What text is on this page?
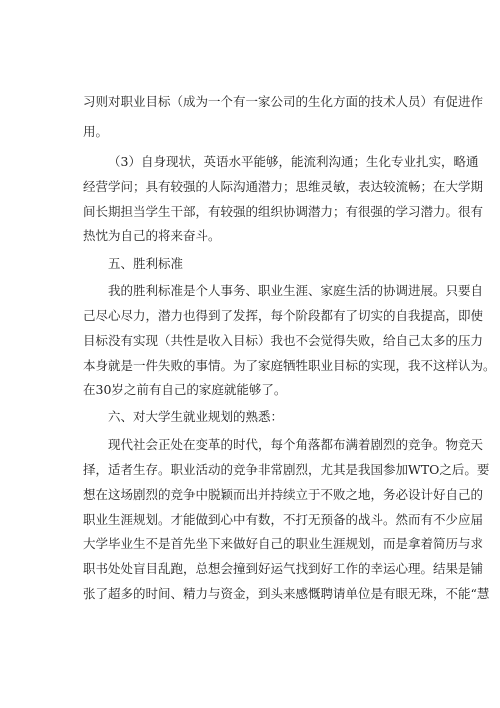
习则对职业目标（成为一个有一家公司的生化方面的技术人员）有促进作
用。
（3）自身现状，英语水平能够，能流利沟通；生化专业扎实，略通
经营学问；具有较强的人际沟通潜力；思维灵敏，表达较流畅；在大学期
间长期担当学生干部，有较强的组织协调潜力；有很强的学习潜力。很有
热忱为自己的将来奋斗。
五、胜利标准
我的胜利标准是个人事务、职业生涯、家庭生活的协调进展。只要自
己尽心尽力，潜力也得到了发挥，每个阶段都有了切实的自我提高，即使
目标没有实现（共性是收入目标）我也不会觉得失败，给自己太多的压力
本身就是一件失败的事情。为了家庭牺牲职业目标的实现，我不这样认为。
在30岁之前有自己的家庭就能够了。
六、对大学生就业规划的熟悉：
现代社会正处在变革的时代，每个角落都布满着剧烈的竞争。物竞天
择，适者生存。职业活动的竞争非常剧烈，尤其是我国参加WTO之后。要
想在这场剧烈的竞争中脱颖而出并持续立于不败之地，务必设计好自己的
职业生涯规划。才能做到心中有数，不打无预备的战斗。然而有不少应届
大学毕业生不是首先坐下来做好自己的职业生涯规划，而是拿着简历与求
职书处处盲目乱跑，总想会撞到好运气找到好工作的幸运心理。结果是铺
张了超多的时间、精力与资金，到头来感慨聘请单位是有眼无珠，不能“慧
